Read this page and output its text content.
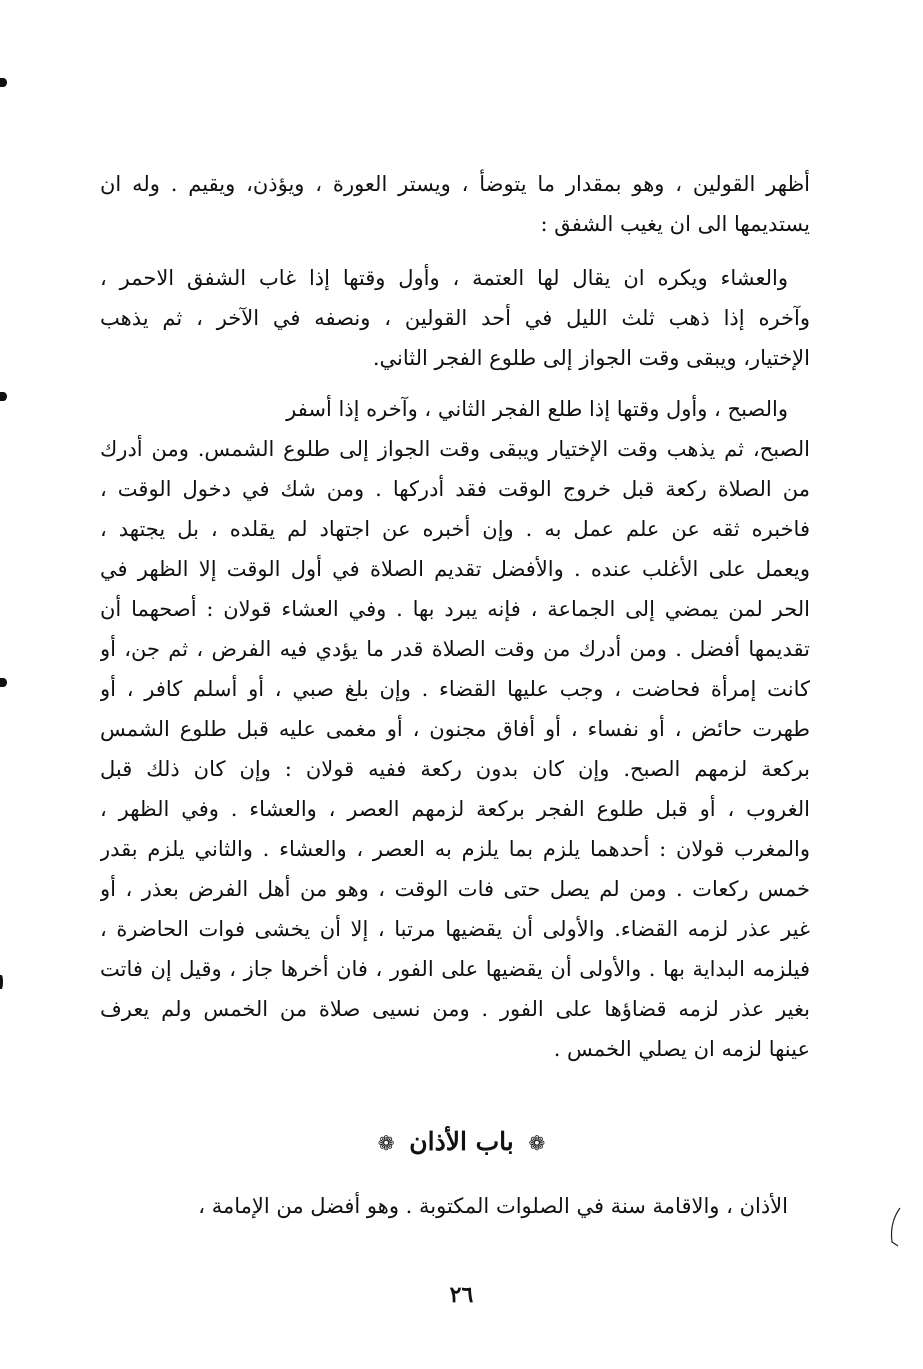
أظهر القولين ، وهو بمقدار ما يتوضأ ، ويستر العورة ، ويؤذن، ويقيم . وله ان
يستديمها الى ان يغيب الشفق :
والعشاء ويكره ان يقال لها العتمة ، وأول وقتها إذا غاب الشفق الاحمر ،
وآخره إذا ذهب ثلث الليل في أحد القولين ، ونصفه في الآخر ، ثم يذهب
الإختيار، ويبقى وقت الجواز إلى طلوع الفجر الثاني.
والصبح ، وأول وقتها إذا طلع الفجر الثاني ، وآخره إذا أسفر
الصبح، ثم يذهب وقت الإختيار ويبقى وقت الجواز إلى طلوع الشمس. ومن أدرك
من الصلاة ركعة قبل خروج الوقت فقد أدركها . ومن شك في دخول الوقت ،
فاخبره ثقه عن علم عمل به . وإن أخبره عن اجتهاد لم يقلده ، بل يجتهد ،
ويعمل على الأغلب عنده . والأفضل تقديم الصلاة في أول الوقت إلا الظهر في
الحر لمن يمضي إلى الجماعة ، فإنه يبرد بها . وفي العشاء قولان : أصحهما أن
تقديمها أفضل . ومن أدرك من وقت الصلاة قدر ما يؤدي فيه الفرض ، ثم جن، أو
كانت إمرأة فحاضت ، وجب عليها القضاء . وإن بلغ صبي ، أو أسلم كافر ، أو
طهرت حائض ، أو نفساء ، أو أفاق مجنون ، أو مغمى عليه قبل طلوع الشمس
بركعة لزمهم الصبح. وإن كان بدون ركعة ففيه قولان : وإن كان ذلك قبل
الغروب ، أو قبل طلوع الفجر بركعة لزمهم العصر ، والعشاء . وفي الظهر ،
والمغرب قولان : أحدهما يلزم بما يلزم به العصر ، والعشاء . والثاني يلزم بقدر
خمس ركعات . ومن لم يصل حتى فات الوقت ، وهو من أهل الفرض بعذر ، أو
غير عذر لزمه القضاء. والأولى أن يقضيها مرتبا ، إلا أن يخشى فوات الحاضرة ،
فيلزمه البداية بها . والأولى أن يقضيها على الفور ، فان أخرها جاز ، وقيل إن فاتت
بغير عذر لزمه قضاؤها على الفور . ومن نسيى صلاة من الخمس ولم يعرف
عينها لزمه ان يصلي الخمس .
❁ باب الأذان ❁
الأذان ، والاقامة سنة في الصلوات المكتوبة . وهو أفضل من الإمامة ،
٢٦
